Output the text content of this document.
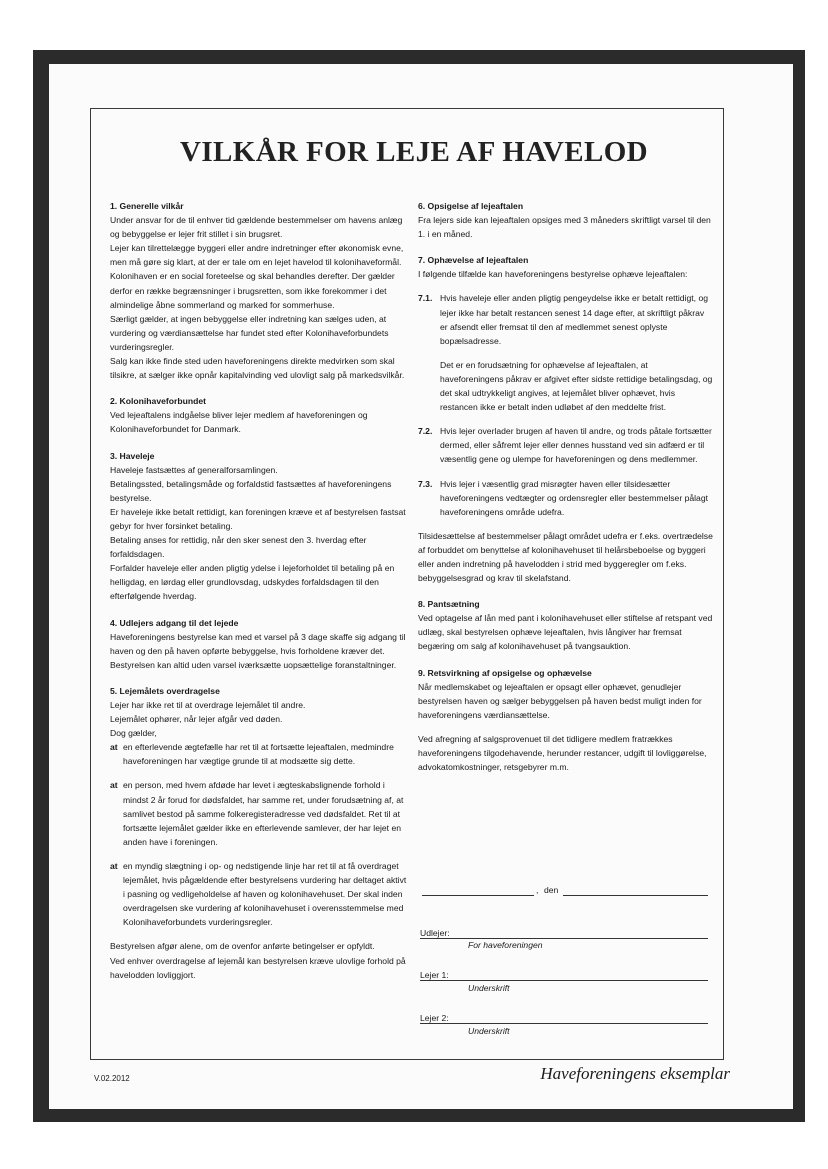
VILKÅR FOR LEJE AF HAVELOD
1. Generelle vilkår
Under ansvar for de til enhver tid gældende bestemmelser om havens anlæg og bebyggelse er lejer frit stillet i sin brugsret.
Lejer kan tilrettelægge byggeri eller andre indretninger efter økonomisk evne, men må gøre sig klart, at der er tale om en lejet havelod til kolonihaveformål.
Kolonihaven er en social foreteelse og skal behandles derefter. Der gælder derfor en række begrænsninger i brugsretten, som ikke forekommer i det almindelige åbne sommerland og marked for sommerhuse.
Særligt gælder, at ingen bebyggelse eller indretning kan sælges uden, at vurdering og værdiansættelse har fundet sted efter Kolonihaveforbundets vurderingsregler.
Salg kan ikke finde sted uden haveforeningens direkte medvirken som skal tilsikre, at sælger ikke opnår kapitalvinding ved ulovligt salg på markedsvilkår.
2. Kolonihaveforbundet
Ved lejeaftalens indgåelse bliver lejer medlem af haveforeningen og Kolonihaveforbundet for Danmark.
3. Haveleje
Haveleje fastsættes af generalforsamlingen.
Betalingssted, betalingsmåde og forfaldstid fastsættes af haveforeningens bestyrelse.
Er haveleje ikke betalt rettidigt, kan foreningen kræve et af bestyrelsen fastsat gebyr for hver forsinket betaling.
Betaling anses for rettidig, når den sker senest den 3. hverdag efter forfaldsdagen.
Forfalder haveleje eller anden pligtig ydelse i lejeforholdet til betaling på en helligdag, en lørdag eller grundlovsdag, udskydes forfaldsdagen til den efterfølgende hverdag.
4. Udlejers adgang til det lejede
Haveforeningens bestyrelse kan med et varsel på 3 dage skaffe sig adgang til haven og den på haven opførte bebyggelse, hvis forholdene kræver det. Bestyrelsen kan altid uden varsel iværksætte uopsættelige foranstaltninger.
5. Lejemålets overdragelse
Lejer har ikke ret til at overdrage lejemålet til andre.
Lejemålet ophører, når lejer afgår ved døden.
Dog gælder,
at en efterlevende ægtefælle har ret til at fortsætte lejeaftalen, medmindre haveforeningen har vægtige grunde til at modsætte sig dette.
at en person, med hvem afdøde har levet i ægteskabslignende forhold i mindst 2 år forud for dødsfaldet, har samme ret, under forudsætning af, at samlivet bestod på samme folkeregisteradresse ved dødsfaldet. Ret til at fortsætte lejemålet gælder ikke en efterlevende samlever, der har lejet en anden have i foreningen.
at en myndig slægtning i op- og nedstigende linje har ret til at få overdraget lejemålet, hvis pågældende efter bestyrelsens vurdering har deltaget aktivt i pasning og vedligeholdelse af haven og kolonihavehuset. Der skal inden overdragelsen ske vurdering af kolonihavehuset i overensstemmelse med Kolonihaveforbundets vurderingsregler.
Bestyrelsen afgør alene, om de ovenfor anførte betingelser er opfyldt.
Ved enhver overdragelse af lejemål kan bestyrelsen kræve ulovlige forhold på havelodden lovliggjort.
6. Opsigelse af lejeaftalen
Fra lejers side kan lejeaftalen opsiges med 3 måneders skriftligt varsel til den 1. i en måned.
7. Ophævelse af lejeaftalen
I følgende tilfælde kan haveforeningens bestyrelse ophæve lejeaftalen:
7.1. Hvis haveleje eller anden pligtig pengeydelse ikke er betalt rettidigt, og lejer ikke har betalt restancen senest 14 dage efter, at skriftligt påkrav er afsendt eller fremsat til den af medlemmet senest oplyste bopælsadresse.
Det er en forudsætning for ophævelse af lejeaftalen, at haveforeningens påkrav er afgivet efter sidste rettidige betalingsdag, og det skal udtrykkeligt angives, at lejemålet bliver ophævet, hvis restancen ikke er betalt inden udløbet af den meddelte frist.
7.2. Hvis lejer overlader brugen af haven til andre, og trods påtale fortsætter dermed, eller såfremt lejer eller dennes husstand ved sin adfærd er til væsentlig gene og ulempe for haveforeningen og dens medlemmer.
7.3. Hvis lejer i væsentlig grad misrøgter haven eller tilsidesætter haveforeningens vedtægter og ordensregler eller bestemmelser pålagt haveforeningens område udefra.
Tilsidesættelse af bestemmelser pålagt området udefra er f.eks. overtrædelse af forbuddet om benyttelse af kolonihavehuset til helårsbeboelse og byggeri eller anden indretning på havelodden i strid med byggeregler om f.eks. bebyggelsesgrad og krav til skelafstand.
8. Pantsætning
Ved optagelse af lån med pant i kolonihavehuset eller stiftelse af retspant ved udlæg, skal bestyrelsen ophæve lejeaftalen, hvis långiver har fremsat begæring om salg af kolonihavehuset på tvangsauktion.
9. Retsvirkning af opsigelse og ophævelse
Når medlemskabet og lejeaftalen er opsagt eller ophævet, genudlejer bestyrelsen haven og sælger bebyggelsen på haven bedst muligt inden for haveforeningens værdiansættelse.
Ved afregning af salgsprovenuet til det tidligere medlem fratrækkes haveforeningens tilgodehavende, herunder restancer, udgift til lovliggørelse, advokatomkostninger, retsgebyrer m.m.
, den
Udlejer:
For haveforeningen
Lejer 1:
Underskrift
Lejer 2:
Underskrift
V.02.2012	Haveforeningens eksemplar
